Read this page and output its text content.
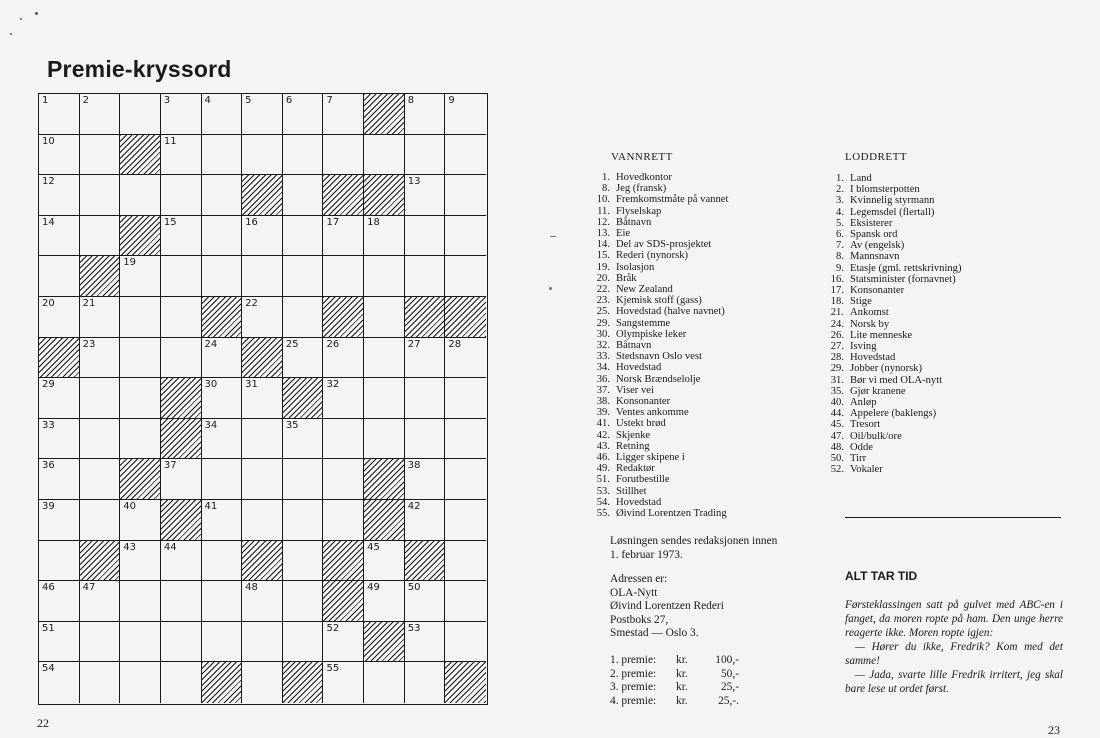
Premie-kryssord
1	2	3	4	5	6	7	8	9
10	11
12	13
14	15	16	17	18
19
20	21	22
23	24	25	26	27	28
29	30	31	32
33	34	35
36	37	38
39	40	41	42
43	44	45
46	47	48	49	50
51	52	53
54	55
22
VANNRETT
1. Hovedkontor
8. Jeg (fransk)
10. Fremkomstmåte på vannet
11. Flyselskap
12. Båtnavn
13. Eie
14. Del av SDS-prosjektet
15. Rederi (nynorsk)
19. Isolasjon
20. Bråk
22. New Zealand
23. Kjemisk stoff (gass)
25. Hovedstad (halve navnet)
29. Sangstemme
30. Olympiske leker
32. Båtnavn
33. Stedsnavn Oslo vest
34. Hovedstad
36. Norsk Brændselolje
37. Viser vei
38. Konsonanter
39. Ventes ankomme
41. Ustekt brød
42. Skjenke
43. Retning
46. Ligger skipene i
49. Redaktør
51. Forutbestille
53. Stillhet
54. Hovedstad
55. Øivind Lorentzen Trading
LODDRETT
1. Land
2. I blomsterpotten
3. Kvinnelig styrmann
4. Legemsdel (flertall)
5. Eksisterer
6. Spansk ord
7. Av (engelsk)
8. Mannsnavn
9. Etasje (gml. rettskrivning)
16. Statsminister (fornavnet)
17. Konsonanter
18. Stige
21. Ankomst
24. Norsk by
26. Lite menneske
27. Isving
28. Hovedstad
29. Jobber (nynorsk)
31. Bør vi med OLA-nytt
35. Gjør kranene
40. Anløp
44. Appelere (baklengs)
45. Tresort
47. Oil/bulk/ore
48. Odde
50. Tirr
52. Vokaler

Løsningen sendes redaksjonen innen

1. februar 1973.

Adressen er:

OLA-Nytt

Øivind Lorentzen Rederi

Postboks 27,

Smestad — Oslo 3.

1. premie: kr. 100,-
2. premie: kr.	50,-
3. premie: kr.	25,-
4. premie: kr.	25,-.
ALT TAR TID

Førsteklassingen satt på gulvet med ABC-en i fanget, da moren ropte på ham. Den unge herre reagerte ikke. Moren ropte igjen:

— Hører du ikke, Fredrik? Kom med det samme!

— Jada, svarte lille Fredrik irritert, jeg skal bare lese ut ordet først.

23
